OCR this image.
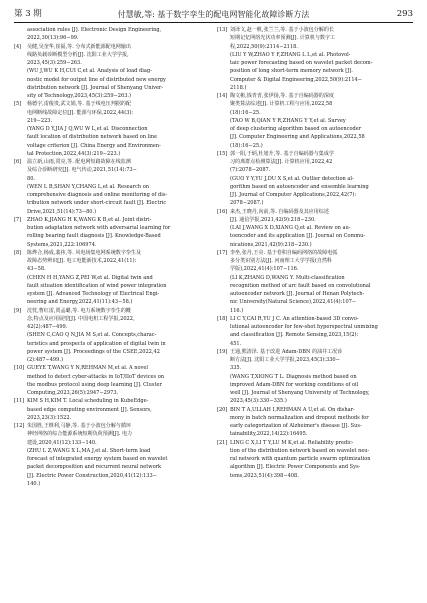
第 3 期	付慧敏,等: 基于数字孪生的配电网智能化故障诊断方法	293
association rules [J]. Electronic Design Engineering,
2022,30(13):96−99.
[4] 吴健,吴奎华,崔福,等. 分布式新能源配电网输出
线路负载诊断模型分析[J]. 沈阳工业大学学报,
2023,45(3):259−263.
(WU J,WU K H,CUI C,et al. Analysis of load diag-
nostic model for output line of distributed new energy
distribution network [J]. Journal of Shenyang Univer-
sity of Technology,2023,45(3):259−263.)
[5] 杨德宇,雷俊贵,武文娟,等. 基于线电压判据的配
电网断线故障定位[J]. 能源与环保,2022,44(3):
219−223.
(YANG D Y,JIA J Q,WU W L,et al. Disconnection
fault location of distribution network based on line
voltage criterion [J]. China Energy and Environmen-
tal Protection,2022,44(3):219−223.)
[6] 温立新,山雨,常亮,等. 配电网短路故障在线监测
及综合诊断研究[J]. 电气传动,2021,51(14):73−
80.
(WEN L B,SHAN Y,CHANG L,et al. Research on
comprehensive diagnosis and online monitoring of dis-
tribution network under short-circuit fault [J]. Electric
Drive,2021,51(14):73−80.)
[7] ZHAO K,JIANG H K,WANG K B,et al. Joint distri-
bution adaptation network with adversarial learning for
rolling bearing fault diagnosis [J]. Knowledge-Based
Systems,2021,222:106974.
[8] 陈烨合,杨成,裴祎,等. 风电场集电网系统数字孪生及
故障态势辨识[J]. 电工电能新技术,2022,41(11):
43−58.
(CHEN H H,YANG Z,PEI W,et al. Digital twin and
fault situation identification of wind power integration
system [J]. Advanced Technology of Electrical Engi-
neering and Energy,2022,41(11):43−58.)
[9] 沈忱,曹红雷,贾孟璐,等. 电力系统数字孪生的概
念,特点及应用展望[J]. 中国电机工程学报,2022,
42(2):487−499.
(SHEN C,CAO Q N,JIA M S,et al. Concepts,charac-
teristics and prospects of application of digital twin in
power system [J]. Proceedings of the CSEE,2022,42
(2):487−499.)
[10] GUEYE T,WANG Y N,REHMAN M,et al. A novel
method to detect cyber-attacks in IoT/IIoT devices on
the modbus protocol using deep learning [J]. Cluster
Computing,2023,26(5):2947−2973.
[11] KIM S H,KIM T. Local scheduling in KubeEdge-
based edge computing environment [J]. Sensors,
2023,23(3):1522.
[12] 朱国胜,王继利,马静,等. 基于小波包分解与循环
神经网络的综合能源系统短期负荷预测[J]. 电力
建设,2020,41(12):133−140.
(ZHU L Z,WANG X L,MA J,et al. Short-term load
forecast of integrated energy system based on wavelet
packet decomposition and recurrent neural network
[J]. Electric Power Construction,2020,41(12):133−
140.)
[13] 刘译文,赵一帆,张兰兰,等. 基于小波包分解的长
短期记忆网络光伏功率预测[J]. 计算机与数字工
程,2022,50(9):2114−2118.
(LIU Y W,ZHAO Y F,ZHANG L L,et al. Photovol-
taic power forecasting based on wavelet packet decom-
position of long short-term memory network [J].
Computer & Digital Engineering,2022,50(9):2114−
2118.)
[14] 陶文彬,钱青青,张伊扬,等. 基于自编码器的深度
聚类算法综述[J]. 计算机工程与应用,2022,58
(18):16−25.
(TAO W B,QIAN Y R,ZHANG Y Y,et al. Survey
of deep clustering algorithm based on autoencoder
[J]. Computer Engineering and Applications,2022,58
(18):16−25.)
[15] 郭一阳,于炳,杜旭升,等. 基于自编码器与集成学
习的离群点检测算法[J]. 计算机应用,2022,42
(7):2078−2087.
(GUO Y Y,YU J,DU X S,et al. Outlier detection al-
gorithm based on autoencoder and ensemble learning
[J]. Journal of Computer Applications,2022,42(7):
2078−2087.)
[16] 来杰,王晓丹,向前,等. 自编码器及其应用综述
[J]. 通信学报,2021,42(9):218−230.
(LAI J,WANG X D,XIANG Q,et al. Review on au-
toencoder and its application [J]. Journal on Commu-
nications,2021,42(9):218−230.)
[17] 李坐,张丹,王亮. 基于卷积自编码网络的故障电弧
多分类识别方法[J]. 河南理工大学学报(自然科
学版),2022,41(4):107−116.
(LI K,ZHANG D,WANG Y. Multi-classification
recognition method of arc fault based on convolutional
autoencoder network [J]. Journal of Henan Polytech-
nic University(Natural Science),2022,41(4):107−
116.)
[18] LI C Y,CAI R,YU J C. An attention-based 3D convo-
lutional autoencoder for few-shot hyperspectral unmixing
and classification [J]. Remote Sensing,2023,15(2):
451.
[19] 王通,熊清泽. 基于改进 Adam-DBN 的油井工况诊
断方法[J]. 沈阳工业大学学报,2023,45(3):330−
335.
(WANG T,XIONG T L. Diagnosis method based on
improved Adam-DBN for working conditions of oil
well [J]. Journal of Shenyang University of Technology,
2023,45(3):330−335.)
[20] BIN T A,ULLAH I,REHMAN A U,et al. On dishar-
mony in batch normalization and dropout methods for
early categorization of Alzheimer's disease [J]. Sus-
tainability,2022,14(22):16495.
[21] LING C X,LI T Y,LU M K,et al. Reliability predic-
tion of the distribution network based on wavelet neu-
ral network with quantum particle swarm optimization
algorithm [J]. Electric Power Components and Sys-
tems,2023,51(4):398−408.
